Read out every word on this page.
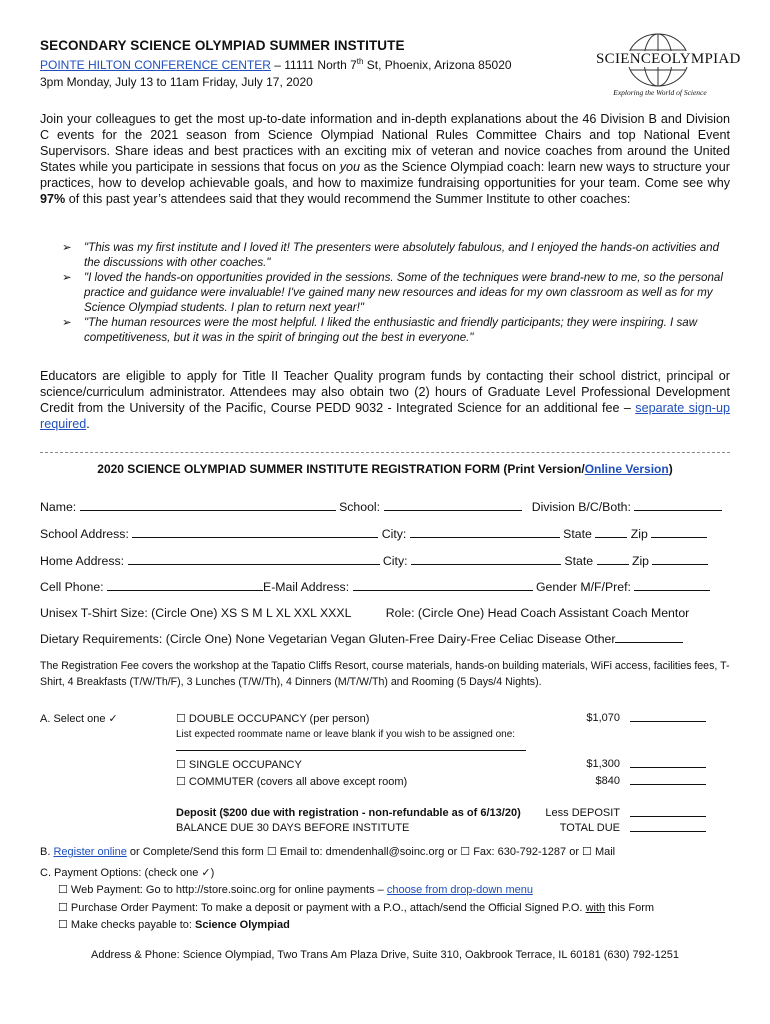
SECONDARY SCIENCE OLYMPIAD SUMMER INSTITUTE
POINTE HILTON CONFERENCE CENTER – 11111 North 7th St, Phoenix, Arizona 85020
3pm Monday, July 13 to 11am Friday, July 17, 2020
SCIENCEOLYMPIAD
Exploring the World of Science
Join your colleagues to get the most up-to-date information and in-depth explanations about the 46 Division B and Division C events for the 2021 season from Science Olympiad National Rules Committee Chairs and top National Event Supervisors. Share ideas and best practices with an exciting mix of veteran and novice coaches from around the United States while you participate in sessions that focus on you as the Science Olympiad coach: learn new ways to structure your practices, how to develop achievable goals, and how to maximize fundraising opportunities for your team. Come see why 97% of this past year’s attendees said that they would recommend the Summer Institute to other coaches:
➢ "This was my first institute and I loved it! The presenters were absolutely fabulous, and I enjoyed the hands-on activities and the discussions with other coaches."
➢ "I loved the hands-on opportunities provided in the sessions. Some of the techniques were brand-new to me, so the personal practice and guidance were invaluable! I've gained many new resources and ideas for my own classroom as well as for my Science Olympiad students. I plan to return next year!"
➢ "The human resources were the most helpful. I liked the enthusiastic and friendly participants; they were inspiring. I saw competitiveness, but it was in the spirit of bringing out the best in everyone."
Educators are eligible to apply for Title II Teacher Quality program funds by contacting their school district, principal or science/curriculum administrator. Attendees may also obtain two (2) hours of Graduate Level Professional Development Credit from the University of the Pacific, Course PEDD 9032 - Integrated Science for an additional fee – separate sign-up required.
2020 SCIENCE OLYMPIAD SUMMER INSTITUTE REGISTRATION FORM (Print Version/Online Version)
Name:	School:	Division B/C/Both:
School Address:	City:	State	Zip
Home Address:	City:	State	Zip
Cell Phone:	E-Mail Address:	Gender M/F/Pref:
Unisex T-Shirt Size: (Circle One) XS S M L XL XXL XXXL	Role: (Circle One) Head Coach Assistant Coach Mentor
Dietary Requirements: (Circle One) None Vegetarian Vegan Gluten-Free Dairy-Free Celiac Disease Other
The Registration Fee covers the workshop at the Tapatio Cliffs Resort, course materials, hands-on building materials, WiFi access, facilities fees, T-Shirt, 4 Breakfasts (T/W/Th/F), 3 Lunches (T/W/Th), 4 Dinners (M/T/W/Th) and Rooming (5 Days/4 Nights).
A. Select one ✓	☐ DOUBLE OCCUPANCY (per person)	$1,070
List expected roommate name or leave blank if you wish to be assigned one:
☐ SINGLE OCCUPANCY	$1,300
☐ COMMUTER (covers all above except room)	$840
Deposit ($200 due with registration - non-refundable as of 6/13/20)	Less DEPOSIT
BALANCE DUE 30 DAYS BEFORE INSTITUTE	TOTAL DUE
B. Register online or Complete/Send this form ☐ Email to: dmendenhall@soinc.org or ☐ Fax: 630-792-1287 or ☐ Mail
C. Payment Options: (check one ✓)
☐ Web Payment: Go to http://store.soinc.org for online payments – choose from drop-down menu
☐ Purchase Order Payment: To make a deposit or payment with a P.O., attach/send the Official Signed P.O. with this Form
☐ Make checks payable to: Science Olympiad
Address & Phone: Science Olympiad, Two Trans Am Plaza Drive, Suite 310, Oakbrook Terrace, IL 60181 (630) 792-1251
